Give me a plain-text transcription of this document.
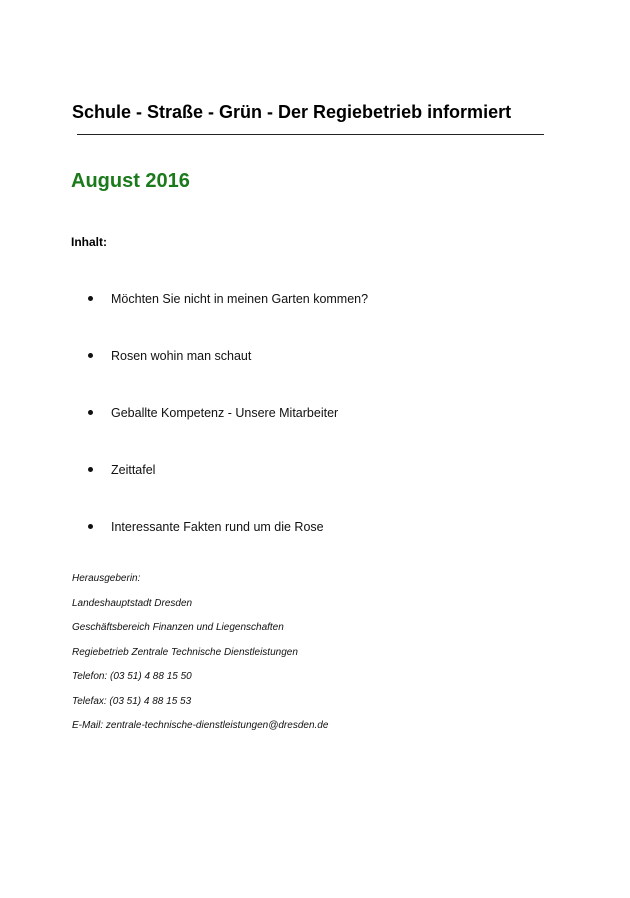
Schule - Straße - Grün - Der Regiebetrieb informiert
August 2016
Inhalt:
Möchten Sie nicht in meinen Garten kommen?
Rosen wohin man schaut
Geballte Kompetenz - Unsere Mitarbeiter
Zeittafel
Interessante Fakten rund um die Rose
Herausgeberin:
Landeshauptstadt Dresden
Geschäftsbereich Finanzen und Liegenschaften
Regiebetrieb Zentrale Technische Dienstleistungen
Telefon: (03 51) 4 88 15 50
Telefax: (03 51) 4 88 15 53
E-Mail: zentrale-technische-dienstleistungen@dresden.de
